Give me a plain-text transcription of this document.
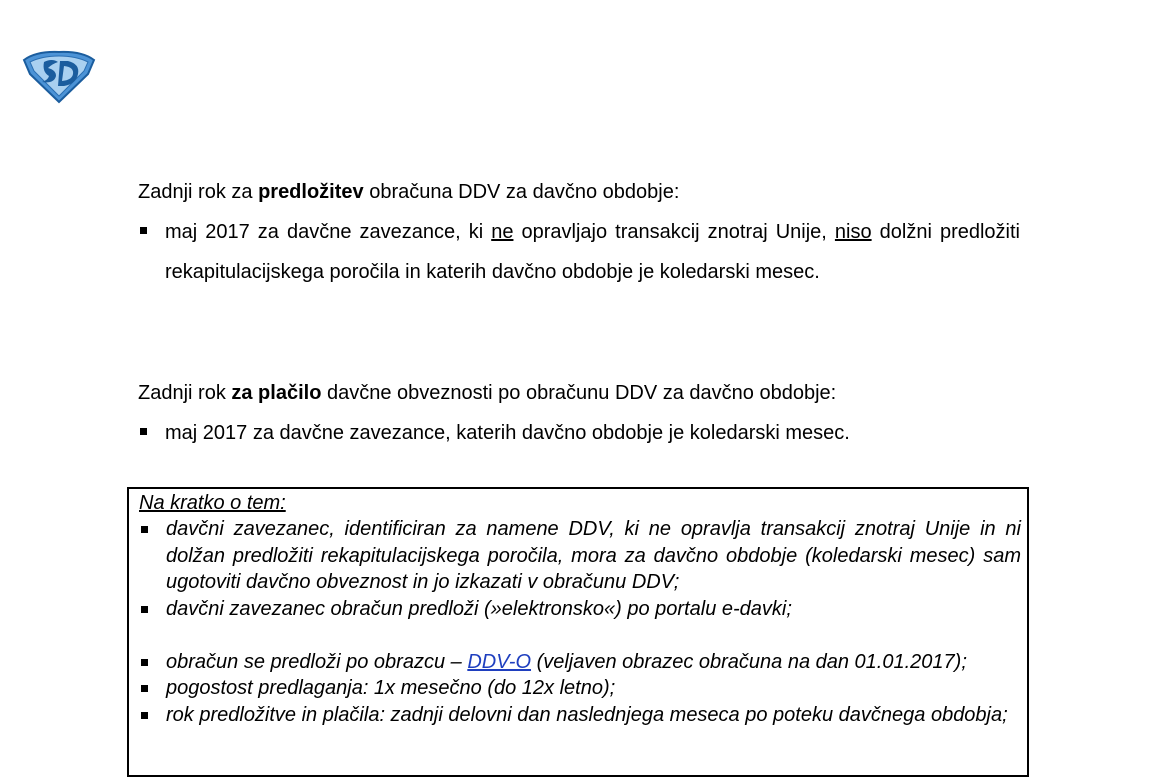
Zadnji rok za predložitev obračuna DDV za davčno obdobje:
maj 2017 za davčne zavezance, ki ne opravljajo transakcij znotraj Unije, niso dolžni predložiti rekapitulacijskega poročila in katerih davčno obdobje je koledarski mesec.
Zadnji rok za plačilo davčne obveznosti po obračunu DDV za davčno obdobje:
maj 2017 za davčne zavezance, katerih davčno obdobje je koledarski mesec.
Na kratko o tem:
davčni zavezanec, identificiran za namene DDV, ki ne opravlja transakcij znotraj Unije in ni dolžan predložiti rekapitulacijskega poročila, mora za davčno obdobje (koledarski mesec) sam ugotoviti davčno obveznost in jo izkazati v obračunu DDV;
davčni zavezanec obračun predloži (»elektronsko«) po portalu e-davki;
obračun se predloži po obrazcu – DDV-O (veljaven obrazec obračuna na dan 01.01.2017);
pogostost predlaganja: 1x mesečno (do 12x letno);
rok predložitve in plačila: zadnji delovni dan naslednjega meseca po poteku davčnega obdobja;
